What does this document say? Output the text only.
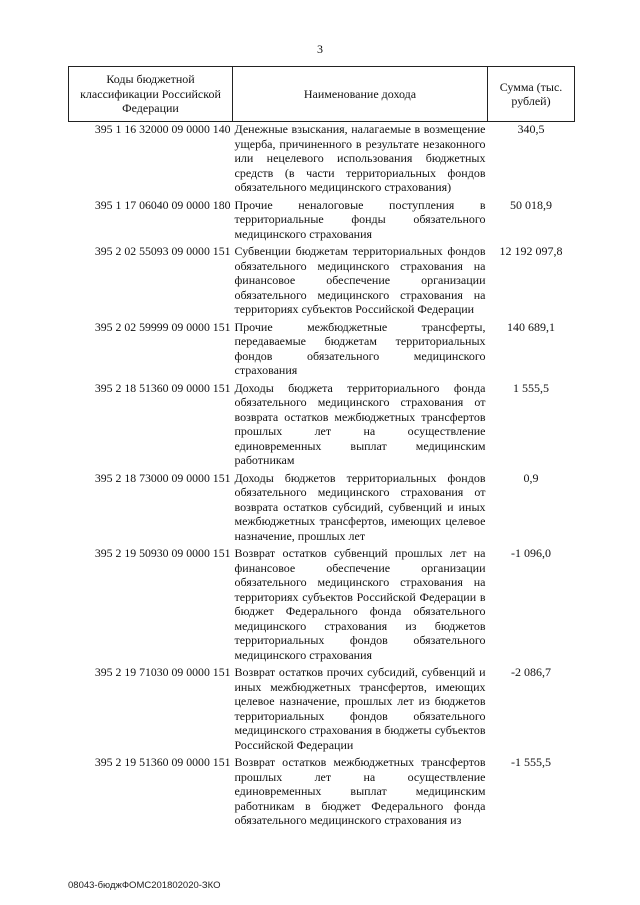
3
Коды бюджетной классификации Российской Федерации	Наименование дохода	Сумма (тыс. рублей)
395 1 16 32000 09 0000 140	Денежные взыскания, налагаемые в возмещение ущерба, причиненного в результате незаконного или нецелевого использования бюджетных средств (в части территориальных фондов обязательного медицинского страхования)	340,5
395 1 17 06040 09 0000 180	Прочие неналоговые поступления в территориальные фонды обязательного медицинского страхования	50 018,9
395 2 02 55093 09 0000 151	Субвенции бюджетам территориальных фондов обязательного медицинского страхования на финансовое обеспечение организации обязательного медицинского страхования на территориях субъектов Российской Федерации	12 192 097,8
395 2 02 59999 09 0000 151	Прочие межбюджетные трансферты, передаваемые бюджетам территориальных фондов обязательного медицинского страхования	140 689,1
395 2 18 51360 09 0000 151	Доходы бюджета территориального фонда обязательного медицинского страхования от возврата остатков межбюджетных трансфертов прошлых лет на осуществление единовременных выплат медицинским работникам	1 555,5
395 2 18 73000 09 0000 151	Доходы бюджетов территориальных фондов обязательного медицинского страхования от возврата остатков субсидий, субвенций и иных межбюджетных трансфертов, имеющих целевое назначение, прошлых лет	0,9
395 2 19 50930 09 0000 151	Возврат остатков субвенций прошлых лет на финансовое обеспечение организации обязательного медицинского страхования на территориях субъектов Российской Федерации в бюджет Федерального фонда обязательного медицинского страхования из бюджетов территориальных фондов обязательного медицинского страхования	-1 096,0
395 2 19 71030 09 0000 151	Возврат остатков прочих субсидий, субвенций и иных межбюджетных трансфертов, имеющих целевое назначение, прошлых лет из бюджетов территориальных фондов обязательного медицинского страхования в бюджеты субъектов Российской Федерации	-2 086,7
395 2 19 51360 09 0000 151	Возврат остатков межбюджетных трансфертов прошлых лет на осуществление единовременных выплат медицинским работникам в бюджет Федерального фонда обязательного медицинского страхования из	-1 555,5
08043-бюджФОМС201802020-ЗКО
